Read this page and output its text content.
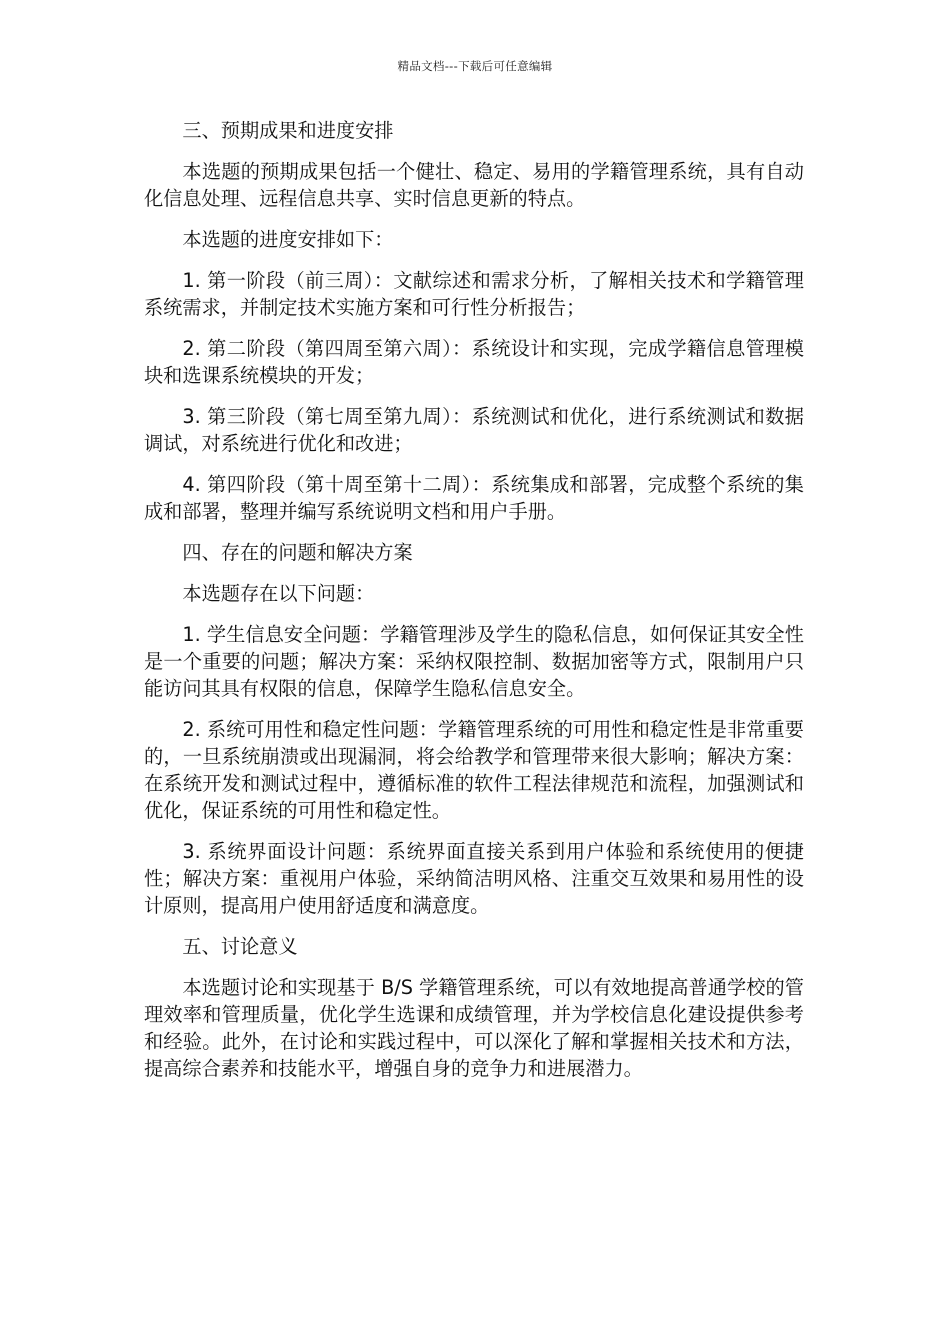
精品文档---下载后可任意编辑

三、预期成果和进度安排

本选题的预期成果包括一个健壮、稳定、易用的学籍管理系统，具有自动化信息处理、远程信息共享、实时信息更新的特点。

本选题的进度安排如下：

1. 第一阶段（前三周）：文献综述和需求分析，了解相关技术和学籍管理系统需求，并制定技术实施方案和可行性分析报告；

2. 第二阶段（第四周至第六周）：系统设计和实现，完成学籍信息管理模块和选课系统模块的开发；

3. 第三阶段（第七周至第九周）：系统测试和优化，进行系统测试和数据调试，对系统进行优化和改进；

4. 第四阶段（第十周至第十二周）：系统集成和部署，完成整个系统的集成和部署，整理并编写系统说明文档和用户手册。

四、存在的问题和解决方案

本选题存在以下问题：

1. 学生信息安全问题：学籍管理涉及学生的隐私信息，如何保证其安全性是一个重要的问题；解决方案：采纳权限控制、数据加密等方式，限制用户只能访问其具有权限的信息，保障学生隐私信息安全。

2. 系统可用性和稳定性问题：学籍管理系统的可用性和稳定性是非常重要的，一旦系统崩溃或出现漏洞，将会给教学和管理带来很大影响；解决方案：在系统开发和测试过程中，遵循标准的软件工程法律规范和流程，加强测试和优化，保证系统的可用性和稳定性。

3. 系统界面设计问题：系统界面直接关系到用户体验和系统使用的便捷性；解决方案：重视用户体验，采纳简洁明风格、注重交互效果和易用性的设计原则，提高用户使用舒适度和满意度。

五、讨论意义

本选题讨论和实现基于 B/S 学籍管理系统，可以有效地提高普通学校的管理效率和管理质量，优化学生选课和成绩管理，并为学校信息化建设提供参考和经验。此外，在讨论和实践过程中，可以深化了解和掌握相关技术和方法，提高综合素养和技能水平，增强自身的竞争力和进展潜力。
